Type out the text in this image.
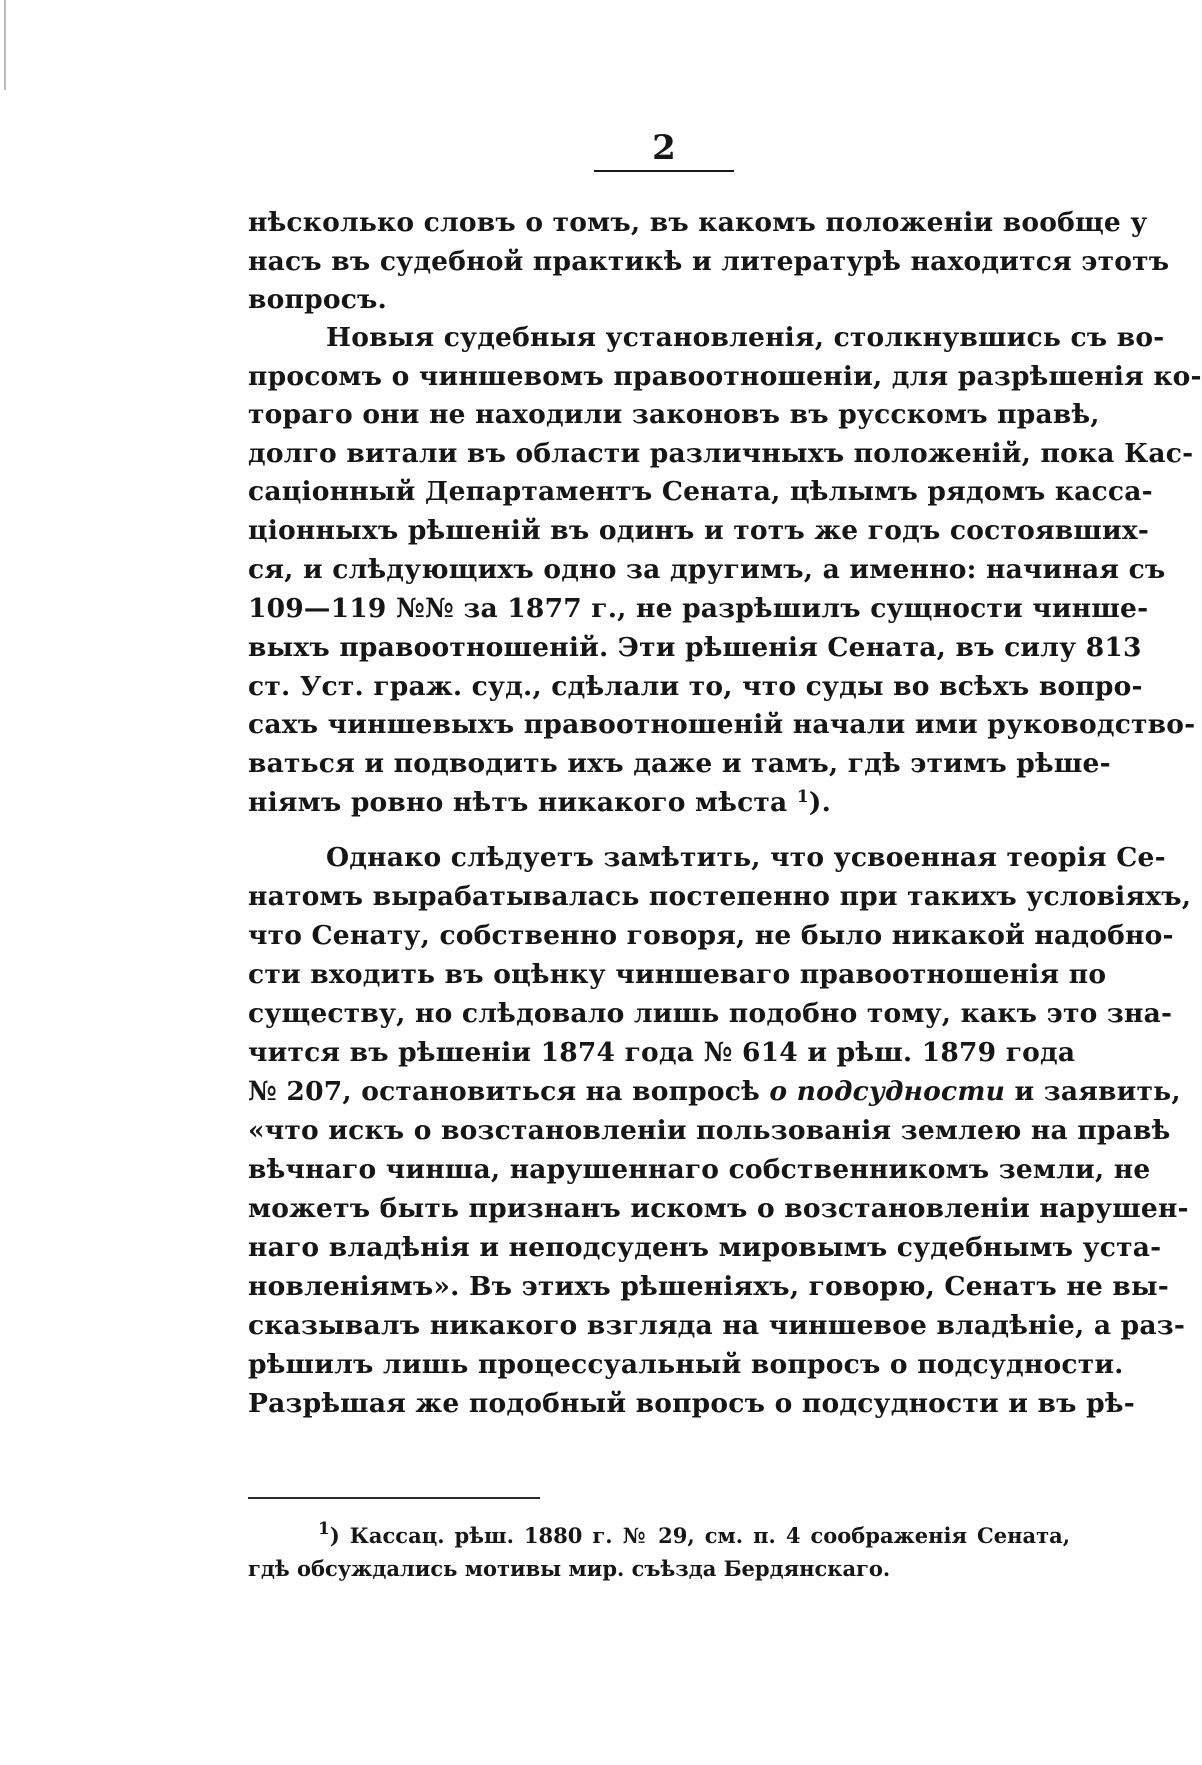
2
нѣсколько словъ о томъ, въ какомъ положеніи вообще у
насъ въ судебной практикѣ и литературѣ находится этотъ
вопросъ.
Новыя судебныя установленія, столкнувшись съ во-
просомъ о чиншевомъ правоотношеніи, для разрѣшенія ко-
тораго они не находили законовъ въ русскомъ правѣ,
долго витали въ области различныхъ положеній, пока Кас-
саціонный Департаментъ Сената, цѣлымъ рядомъ касса-
ціонныхъ рѣшеній въ одинъ и тотъ же годъ состоявших-
ся, и слѣдующихъ одно за другимъ, а именно: начиная съ
109—119 №№ за 1877 г., не разрѣшилъ сущности чинше-
выхъ правоотношеній. Эти рѣшенія Сената, въ силу 813
ст. Уст. граж. суд., сдѣлали то, что суды во всѣхъ вопро-
сахъ чиншевыхъ правоотношеній начали ими руководство-
ваться и подводить ихъ даже и тамъ, гдѣ этимъ рѣше-
ніямъ ровно нѣтъ никакого мѣста $^1$).
Однако слѣдуетъ замѣтить, что усвоенная теорія Се-
натомъ вырабатывалась постепенно при такихъ условіяхъ,
что Сенату, собственно говоря, не было никакой надобно-
сти входить въ оцѣнку чиншеваго правоотношенія по
существу, но слѣдовало лишь подобно тому, какъ это зна-
чится въ рѣшеніи 1874 года № 614 и рѣш. 1879 года
№ 207, остановиться на вопросѣ о подсудности и заявить,
«что искъ о возстановленіи пользованія землею на правѣ
вѣчнаго чинша, нарушеннаго собственникомъ земли, не
можетъ быть признанъ искомъ о возстановленіи нарушен-
наго владѣнія и неподсуденъ мировымъ судебнымъ уста-
новленіямъ». Въ этихъ рѣшеніяхъ, говорю, Сенатъ не вы-
сказывалъ никакого взгляда на чиншевое владѣніе, а раз-
рѣшилъ лишь процессуальный вопросъ о подсудности.
Разрѣшая же подобный вопросъ о подсудности и въ рѣ-
$^1$) Кассац. рѣш. 1880 г. № 29, см. п. 4 соображенія Сената,
гдѣ обсуждались мотивы мир. съѣзда Бердянскаго.
